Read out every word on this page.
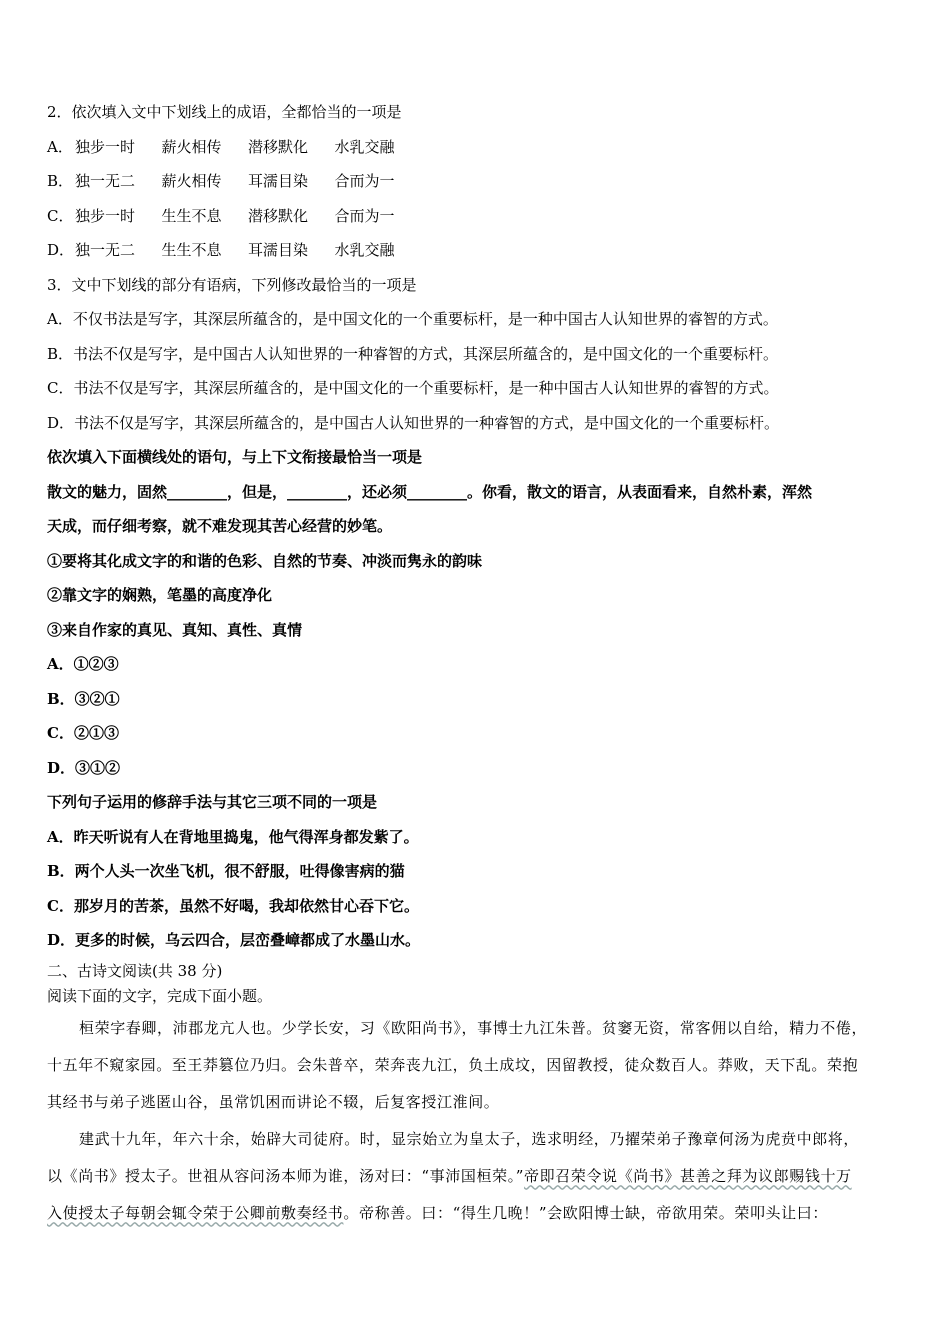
2．依次填入文中下划线上的成语，全都恰当的一项是
A． 独步一时 薪火相传 潜移默化 水乳交融
B． 独一无二 薪火相传 耳濡目染 合而为一
C． 独步一时 生生不息 潜移默化 合而为一
D．独一无二 生生不息 耳濡目染 水乳交融
3．文中下划线的部分有语病，下列修改最恰当的一项是
A．不仅书法是写字，其深层所蕴含的，是中国文化的一个重要标杆，是一种中国古人认知世界的睿智的方式。
B．书法不仅是写字，是中国古人认知世界的一种睿智的方式，其深层所蕴含的，是中国文化的一个重要标杆。
C．书法不仅是写字，其深层所蕴含的，是中国文化的一个重要标杆，是一种中国古人认知世界的睿智的方式。
D．书法不仅是写字，其深层所蕴含的，是中国古人认知世界的一种睿智的方式，是中国文化的一个重要标杆。
依次填入下面横线处的语句，与上下文衔接最恰当一项是
散文的魅力，固然________，但是，________，还必须________。你看，散文的语言，从表面看来，自然朴素，浑然
天成，而仔细考察，就不难发现其苦心经营的妙笔。
①要将其化成文字的和谐的色彩、自然的节奏、冲淡而隽永的韵味
②靠文字的娴熟，笔墨的高度净化
③来自作家的真见、真知、真性、真情
A．①②③
B．③②①
C．②①③
D．③①②
下列句子运用的修辞手法与其它三项不同的一项是
A．昨天听说有人在背地里捣鬼，他气得浑身都发紫了。
B．两个人头一次坐飞机，很不舒服，吐得像害病的猫
C．那岁月的苦茶，虽然不好喝，我却依然甘心吞下它。
D．更多的时候，乌云四合，层峦叠嶂都成了水墨山水。
二、古诗文阅读(共 38 分)
阅读下面的文字，完成下面小题。
桓荣字春卿，沛郡龙亢人也。少学长安，习《欧阳尚书》，事博士九江朱普。贫窭无资，常客佣以自给，精力不倦，
十五年不窥家园。至王莽篡位乃归。会朱普卒，荣奔丧九江，负土成坟，因留教授，徒众数百人。莽败，天下乱。荣抱
其经书与弟子逃匿山谷，虽常饥困而讲论不辍，后复客授江淮间。
建武十九年，年六十余，始辟大司徒府。时，显宗始立为皇太子，选求明经，乃擢荣弟子豫章何汤为虎贲中郎将，
以《尚书》授太子。世祖从容问汤本师为谁，汤对曰：“事沛国桓荣。”帝即召荣令说《尚书》甚善之拜为议郎赐钱十万
入使授太子每朝会辄令荣于公卿前敷奏经书。帝称善。曰：“得生几晚！”会欧阳博士缺，帝欲用荣。荣叩头让曰：
